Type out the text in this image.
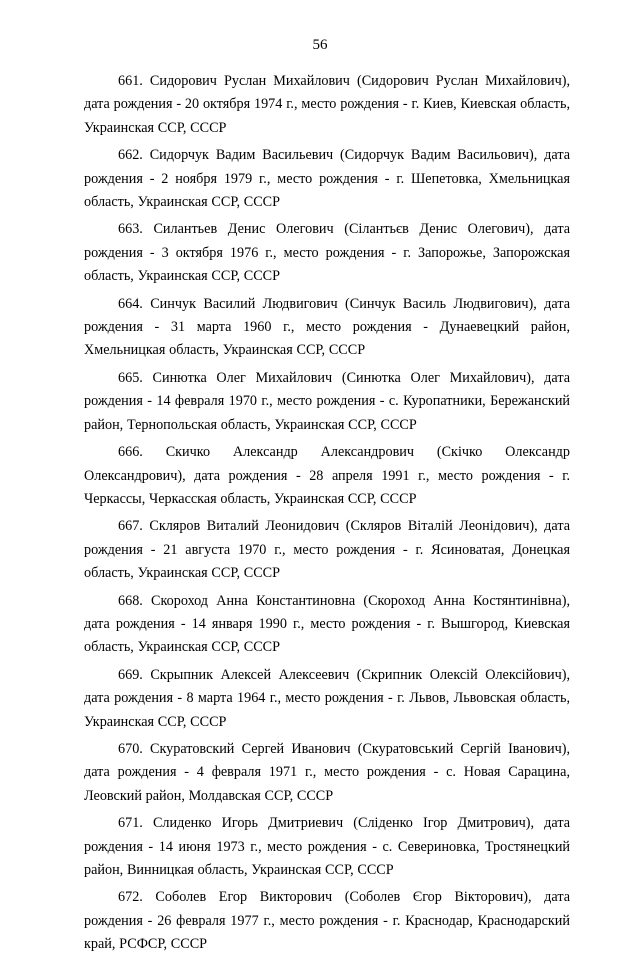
56

661. Сидорович Руслан Михайлович (Сидорович Руслан Михайлович), дата рождения - 20 октября 1974 г., место рождения - г. Киев, Киевская область, Украинская ССР, СССР

662. Сидорчук Вадим Васильевич (Сидорчук Вадим Васильович), дата рождения - 2 ноября 1979 г., место рождения - г. Шепетовка, Хмельницкая область, Украинская ССР, СССР

663. Силантьев Денис Олегович (Сілантьєв Денис Олегович), дата рождения - 3 октября 1976 г., место рождения - г. Запорожье, Запорожская область, Украинская ССР, СССР

664. Синчук Василий Людвигович (Синчук Василь Людвигович), дата рождения - 31 марта 1960 г., место рождения - Дунаевецкий район, Хмельницкая область, Украинская ССР, СССР

665. Синютка Олег Михайлович (Синютка Олег Михайлович), дата рождения - 14 февраля 1970 г., место рождения - с. Куропатники, Бережанский район, Тернопольская область, Украинская ССР, СССР

666. Скичко Александр Александрович (Скічко Олександр Олександрович), дата рождения - 28 апреля 1991 г., место рождения - г. Черкассы, Черкасская область, Украинская ССР, СССР

667. Скляров Виталий Леонидович (Скляров Віталій Леонідович), дата рождения - 21 августа 1970 г., место рождения - г. Ясиноватая, Донецкая область, Украинская ССР, СССР

668. Скороход Анна Константиновна (Скороход Анна Костянтинівна), дата рождения - 14 января 1990 г., место рождения - г. Вышгород, Киевская область, Украинская ССР, СССР

669. Скрыпник Алексей Алексеевич (Скрипник Олексій Олексійович), дата рождения - 8 марта 1964 г., место рождения - г. Львов, Львовская область, Украинская ССР, СССР

670. Скуратовский Сергей Иванович (Скуратовський Сергій Іванович), дата рождения - 4 февраля 1971 г., место рождения - с. Новая Сарацина, Леовский район, Молдавская ССР, СССР

671. Слиденко Игорь Дмитриевич (Сліденко Ігор Дмитрович), дата рождения - 14 июня 1973 г., место рождения - с. Севериновка, Тростянецкий район, Винницкая область, Украинская ССР, СССР

672. Соболев Егор Викторович (Соболев Єгор Вікторович), дата рождения - 26 февраля 1977 г., место рождения - г. Краснодар, Краснодарский край, РСФСР, СССР
